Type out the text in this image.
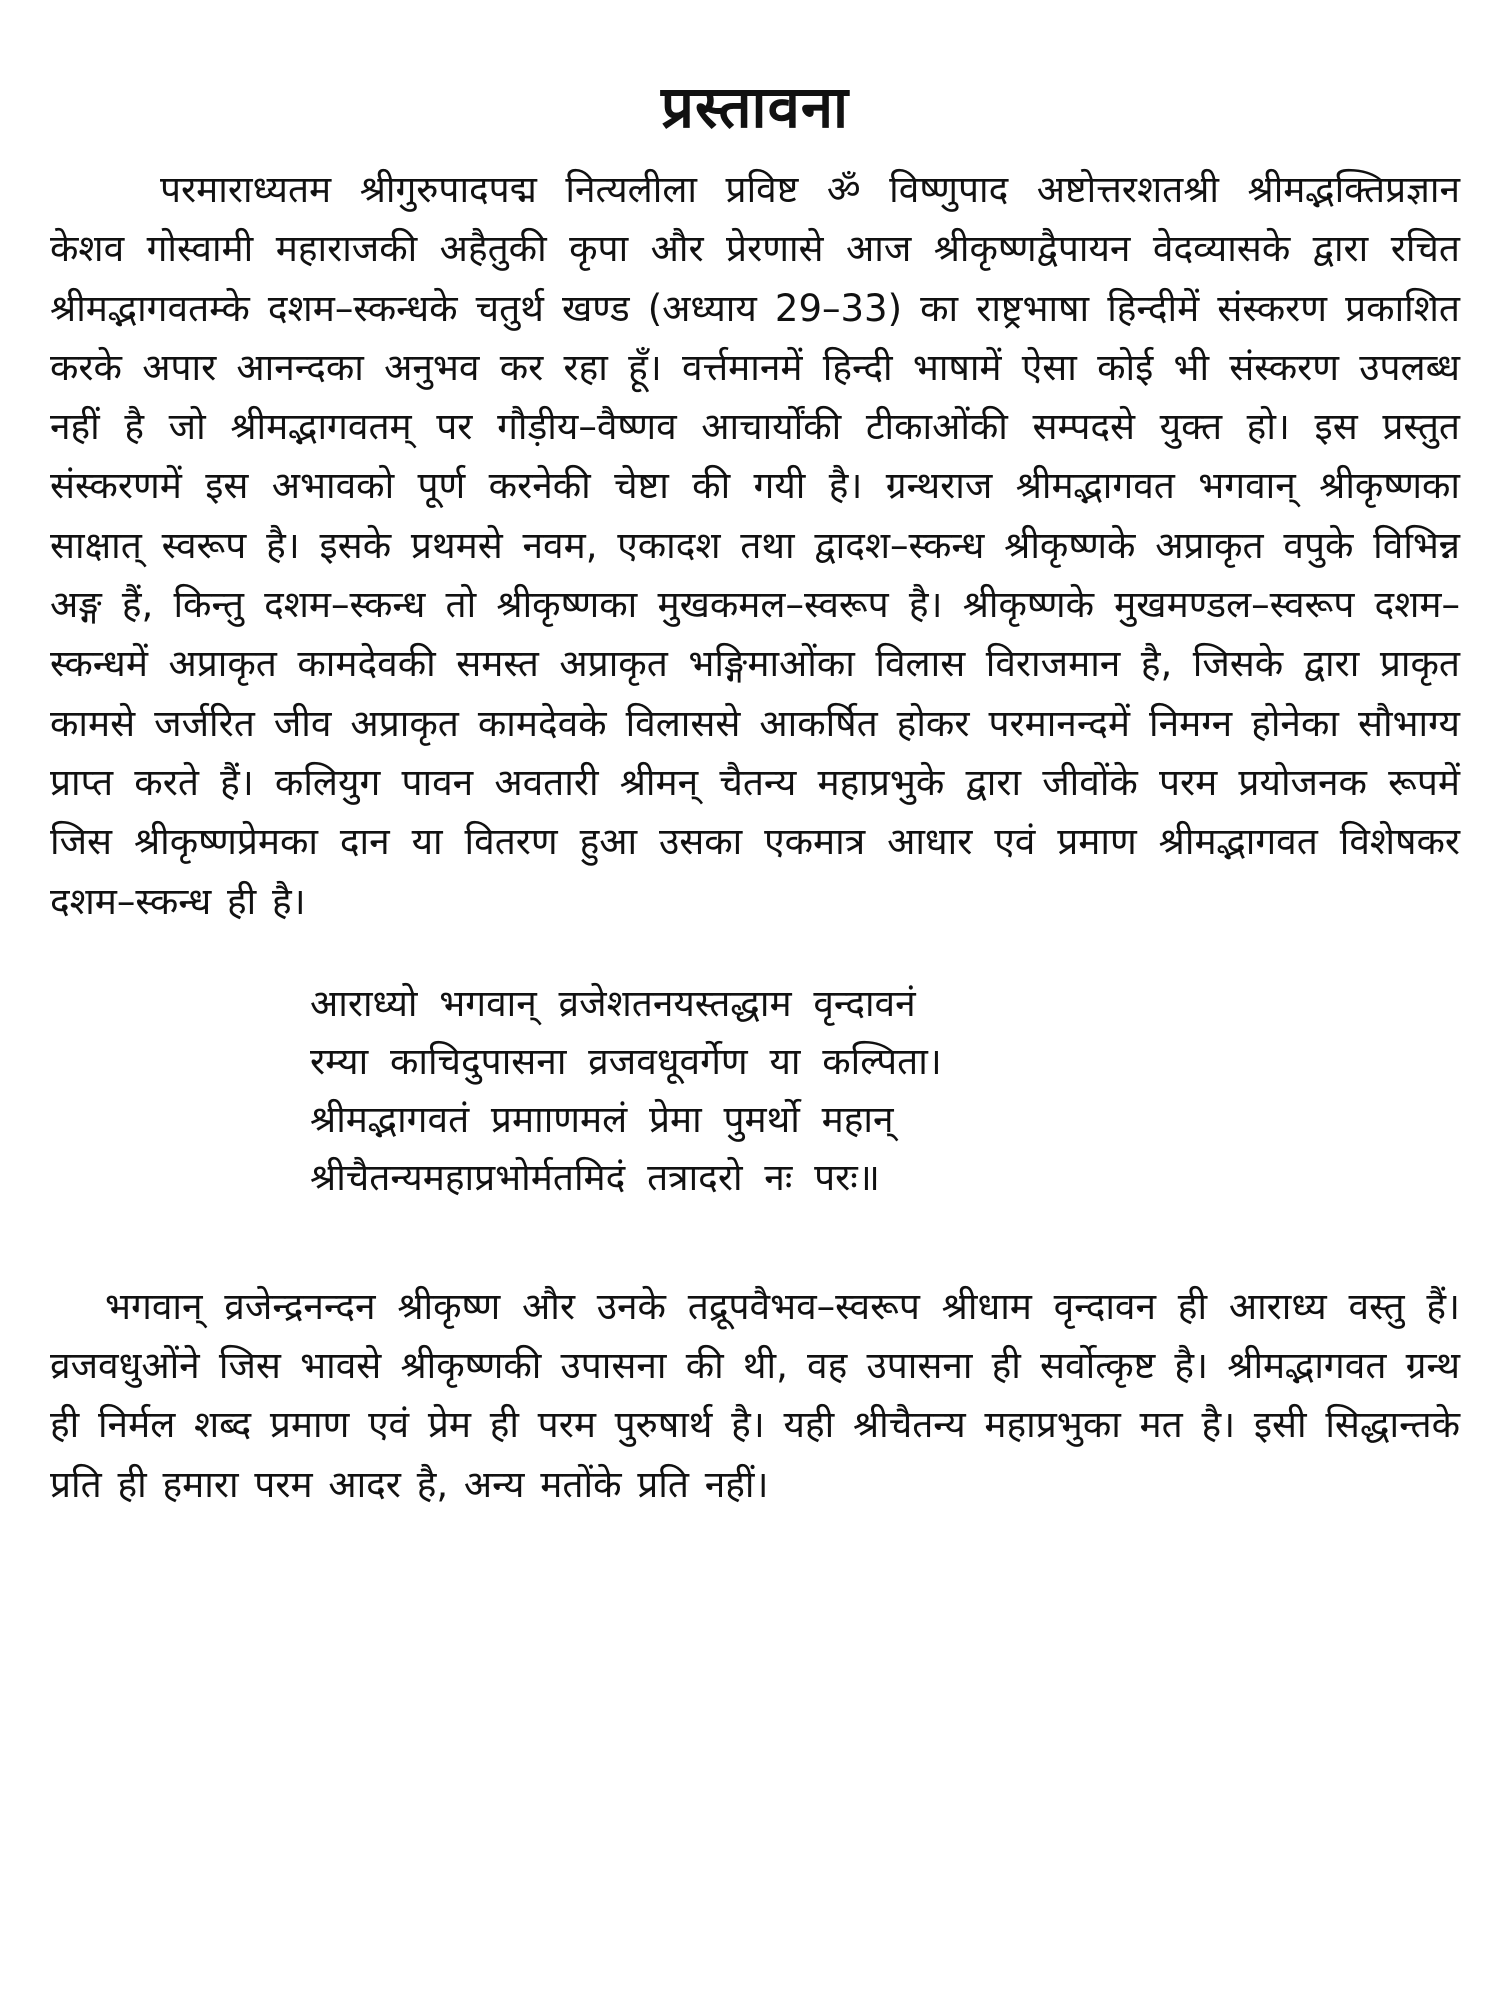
प्रस्तावना

परमाराध्यतम श्रीगुरुपादपद्म नित्यलीला प्रविष्ट ॐ विष्णुपाद अष्टोत्तरशतश्री श्रीमद्भक्तिप्रज्ञान केशव गोस्वामी महाराजकी अहैतुकी कृपा और प्रेरणासे आज श्रीकृष्णद्वैपायन वेदव्यासके द्वारा रचित श्रीमद्भागवतम्के दशम–स्कन्धके चतुर्थ खण्ड (अध्याय 29–33) का राष्ट्रभाषा हिन्दीमें संस्करण प्रकाशित करके अपार आनन्दका अनुभव कर रहा हूँ। वर्त्तमानमें हिन्दी भाषामें ऐसा कोई भी संस्करण उपलब्ध नहीं है जो श्रीमद्भागवतम् पर गौड़ीय–वैष्णव आचार्योंकी टीकाओंकी सम्पदसे युक्त हो। इस प्रस्तुत संस्करणमें इस अभावको पूर्ण करनेकी चेष्टा की गयी है। ग्रन्थराज श्रीमद्भागवत भगवान् श्रीकृष्णका साक्षात् स्वरूप है। इसके प्रथमसे नवम, एकादश तथा द्वादश–स्कन्ध श्रीकृष्णके अप्राकृत वपुके विभिन्न अङ्ग हैं, किन्तु दशम–स्कन्ध तो श्रीकृष्णका मुखकमल–स्वरूप है। श्रीकृष्णके मुखमण्डल–स्वरूप दशम–स्कन्धमें अप्राकृत कामदेवकी समस्त अप्राकृत भङ्गिमाओंका विलास विराजमान है, जिसके द्वारा प्राकृत कामसे जर्जरित जीव अप्राकृत कामदेवके विलाससे आकर्षित होकर परमानन्दमें निमग्न होनेका सौभाग्य प्राप्त करते हैं। कलियुग पावन अवतारी श्रीमन् चैतन्य महाप्रभुके द्वारा जीवोंके परम प्रयोजनक रूपमें जिस श्रीकृष्णप्रेमका दान या वितरण हुआ उसका एकमात्र आधार एवं प्रमाण श्रीमद्भागवत विशेषकर दशम–स्कन्ध ही है।

आराध्यो भगवान् व्रजेशतनयस्तद्धाम वृन्दावनं
रम्या काचिदुपासना व्रजवधूवर्गेण या कल्पिता।
श्रीमद्भागवतं प्रमााणमलं प्रेमा पुमर्थो महान्
श्रीचैतन्यमहाप्रभोर्मतमिदं तत्रादरो नः परः॥

भगवान् व्रजेन्द्रनन्दन श्रीकृष्ण और उनके तद्रूपवैभव–स्वरूप श्रीधाम वृन्दावन ही आराध्य वस्तु हैं। व्रजवधुओंने जिस भावसे श्रीकृष्णकी उपासना की थी, वह उपासना ही सर्वोत्कृष्ट है। श्रीमद्भागवत ग्रन्थ ही निर्मल शब्द प्रमाण एवं प्रेम ही परम पुरुषार्थ है। यही श्रीचैतन्य महाप्रभुका मत है। इसी सिद्धान्तके प्रति ही हमारा परम आदर है, अन्य मतोंके प्रति नहीं।
